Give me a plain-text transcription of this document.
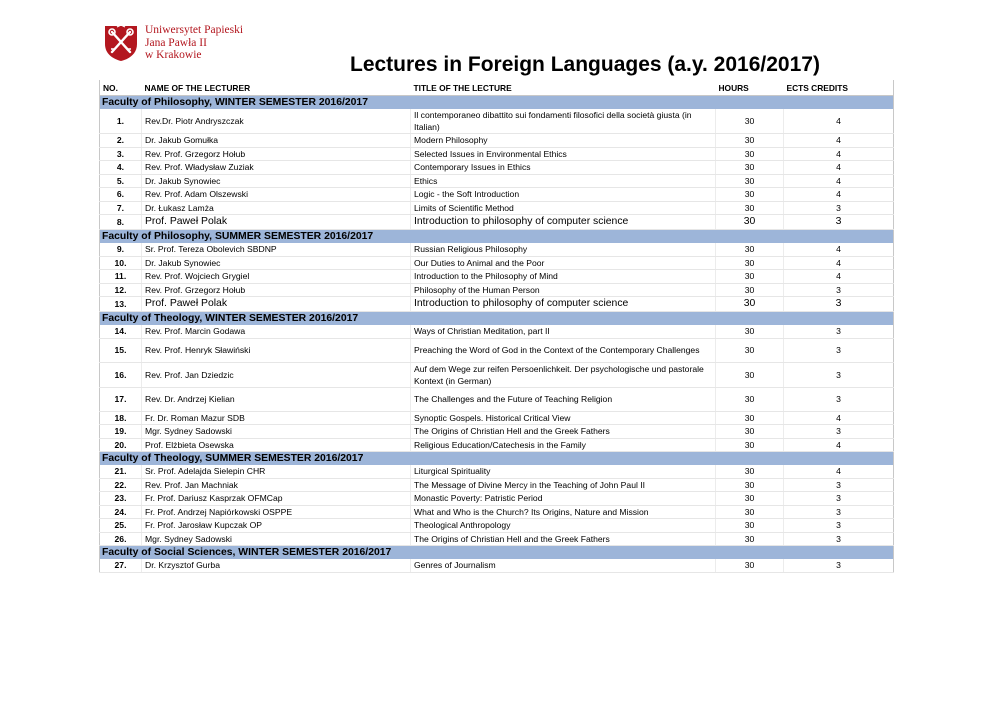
Uniwersytet Papieski
Jana Pawła II
w Krakowie	Lectures in Foreign Languages (a.y. 2016/2017)
NO.	NAME OF THE LECTURER	TITLE OF THE LECTURE	HOURS	ECTS CREDITS
Faculty of Philosophy, WINTER SEMESTER 2016/2017				
1.	Rev.Dr. Piotr Andryszczak	Il contemporaneo dibattito sui fondamenti filosofici della società giusta (in Italian)	30	4
2.	Dr. Jakub Gomułka	Modern Philosophy	30	4
3.	Rev. Prof. Grzegorz Hołub	Selected Issues in Environmental Ethics	30	4
4.	Rev. Prof. Władysław Zuziak	Contemporary Issues in Ethics	30	4
5.	Dr. Jakub Synowiec	Ethics	30	4
6.	Rev. Prof. Adam Olszewski	Logic - the Soft Introduction	30	4
7.	Dr. Łukasz Lamża	Limits of Scientific Method	30	3
8.	Prof. Paweł Polak	Introduction to philosophy of computer science	30	3
Faculty of Philosophy, SUMMER SEMESTER 2016/2017				
9.	Sr. Prof. Tereza Obolevich SBDNP	Russian Religious Philosophy	30	4
10.	Dr. Jakub Synowiec	Our Duties to Animal and the Poor	30	4
11.	Rev. Prof. Wojciech Grygiel	Introduction to the Philosophy of Mind	30	4
12.	Rev. Prof. Grzegorz Hołub	Philosophy of the Human Person	30	3
13.	Prof. Paweł Polak	Introduction to philosophy of computer science	30	3
Faculty of Theology, WINTER SEMESTER 2016/2017				
14.	Rev. Prof. Marcin Godawa	Ways of Christian Meditation, part II	30	3
15.	Rev. Prof. Henryk Sławiński	Preaching the Word of God in the Context of the Contemporary Challenges	30	3
16.	Rev. Prof. Jan Dziedzic	Auf dem Wege zur reifen Persoenlichkeit. Der psychologische und pastorale Kontext (in German)	30	3
17.	Rev. Dr. Andrzej Kielian	The Challenges and the Future of Teaching Religion	30	3
18.	Fr. Dr. Roman Mazur SDB	Synoptic Gospels. Historical Critical View	30	4
19.	Mgr. Sydney Sadowski	The Origins of Christian Hell and the Greek Fathers	30	3
20.	Prof. Elżbieta Osewska	Religious Education/Catechesis in the Family	30	4
Faculty of Theology, SUMMER SEMESTER 2016/2017				
21.	Sr. Prof. Adelajda Sielepin CHR	Liturgical Spirituality	30	4
22.	Rev. Prof. Jan Machniak	The Message of Divine Mercy in the Teaching of John Paul II	30	3
23.	Fr. Prof. Dariusz Kasprzak OFMCap	Monastic Poverty: Patristic Period	30	3
24.	Fr. Prof. Andrzej Napiórkowski OSPPE	What and Who is the Church? Its Origins, Nature and Mission	30	3
25.	Fr. Prof. Jarosław Kupczak OP	Theological Anthropology	30	3
26.	Mgr. Sydney Sadowski	The Origins of Christian Hell and the Greek Fathers	30	3
Faculty of Social Sciences, WINTER SEMESTER 2016/2017				
27.	Dr. Krzysztof Gurba	Genres of Journalism	30	3
